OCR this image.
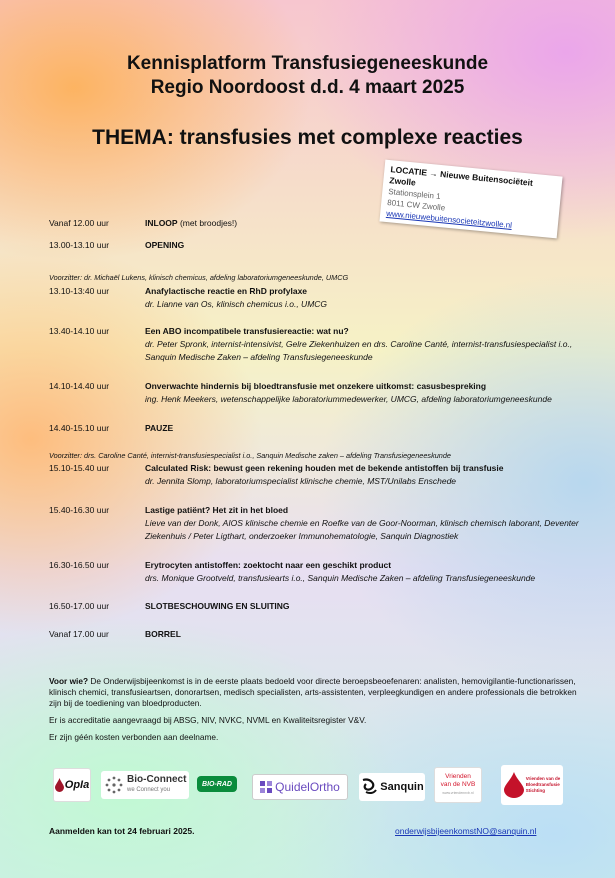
Kennisplatform Transfusiegeneeskunde
Regio Noordoost d.d. 4 maart 2025
THEMA: transfusies met complexe reacties
LOCATIE → Nieuwe Buitensociëteit Zwolle
Stationsplein 1
8011 CW Zwolle
www.nieuwebuitensocieteitzwolle.nl
Vanaf 12.00 uur	INLOOP (met broodjes!)
13.00-13.10 uur	OPENING
Voorzitter: dr. Michaël Lukens, klinisch chemicus, afdeling laboratoriumgeneeskunde, UMCG
13.10-13:40 uur	Anafylactische reactie en RhD profylaxe
dr. Lianne van Os, klinisch chemicus i.o., UMCG
13.40-14.10 uur	Een ABO incompatibele transfusiereactie: wat nu?
dr. Peter Spronk, internist-intensivist, Gelre Ziekenhuizen en drs. Caroline Canté, internist-transfusiespecialist i.o., Sanquin Medische Zaken – afdeling Transfusiegeneeskunde
14.10-14.40 uur	Onverwachte hindernis bij bloedtransfusie met onzekere uitkomst: casusbespreking
ing. Henk Meekers, wetenschappelijke laboratoriummedewerker, UMCG, afdeling laboratoriumgeneeskunde
14.40-15.10 uur	PAUZE
Voorzitter: drs. Caroline Canté, internist-transfusiespecialist i.o., Sanquin Medische zaken – afdeling Transfusiegeneeskunde
15.10-15.40 uur	Calculated Risk: bewust geen rekening houden met de bekende antistoffen bij transfusie
dr. Jennita Slomp, laboratoriumspecialist klinische chemie, MST/Unilabs Enschede
15.40-16.30 uur	Lastige patiënt? Het zit in het bloed
Lieve van der Donk, AIOS klinische chemie en Roefke van de Goor-Noorman, klinisch chemisch laborant, Deventer Ziekenhuis / Peter Ligthart, onderzoeker Immunohematologie, Sanquin Diagnostiek
16.30-16.50 uur	Erytrocyten antistoffen: zoektocht naar een geschikt product
drs. Monique Grootveld, transfusiearts i.o., Sanquin Medische Zaken – afdeling Transfusiegeneeskunde
16.50-17.00 uur	SLOTBESCHOUWING EN SLUITING
Vanaf 17.00 uur	BORREL

Voor wie? De Onderwijsbijeenkomst is in de eerste plaats bedoeld voor directe beroepsbeoefenaren: analisten, hemovigilantie-functionarissen, klinisch chemici, transfusieartsen, donorartsen, medisch specialisten, arts-assistenten, verpleegkundigen en andere professionals die betrokken zijn bij de toediening van bloedproducten.

Er is accreditatie aangevraagd bij ABSG, NIV, NVKC, NVML en Kwaliteitsregister V&V.

Er zijn géén kosten verbonden aan deelname.

OpIa	Bio-Connect
we Connect you
BIO-RAD	QuidelOrtho	Sanquin
Vrienden
van de NVB
www.vriendennvb.nl
Vrienden van de
Bloedtransfusie
Stichting
Aanmelden kan tot 24 februari 2025.	onderwijsbijeenkomstNO@sanquin.nl
